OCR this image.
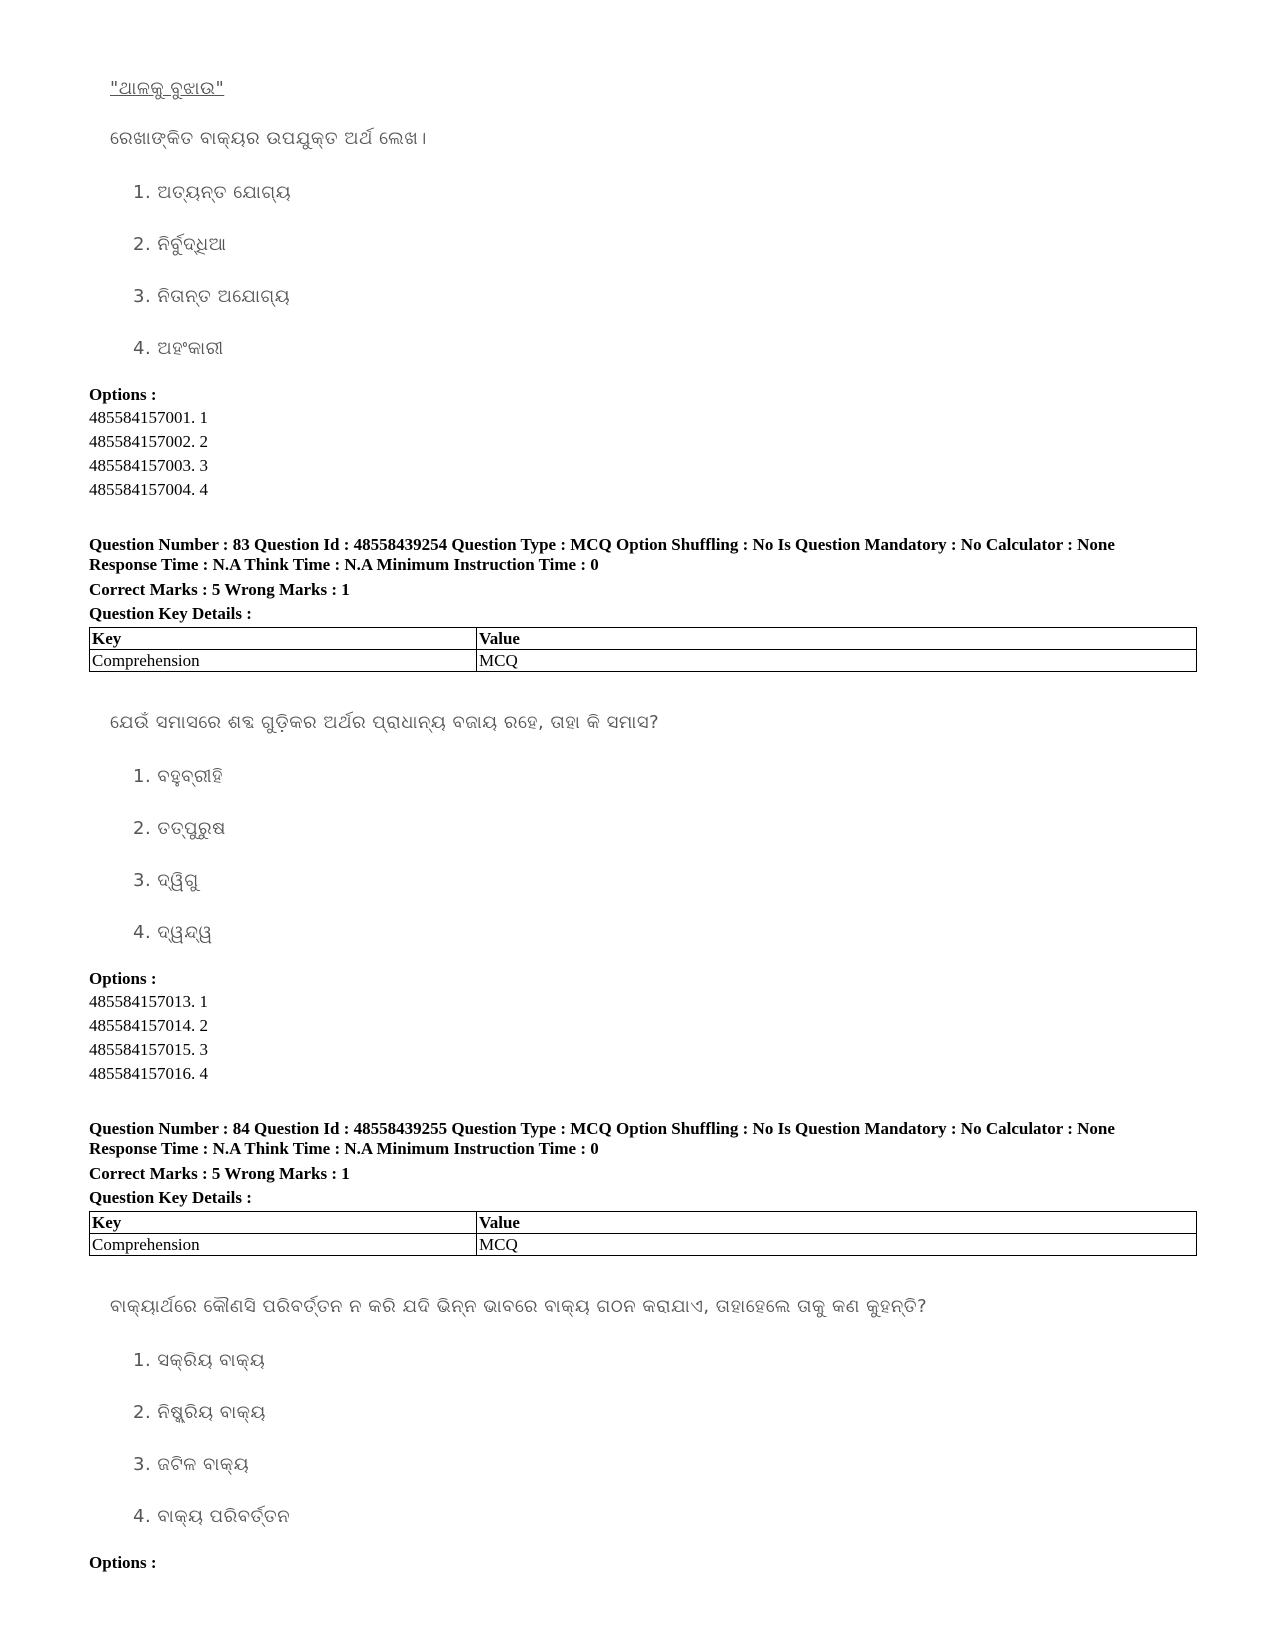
"ଥାଳକୁ ବୁଝାଉ"
ରେଖାଙ୍କିତ ବାକ୍ୟର ଉପଯୁକ୍ତ ଅର୍ଥ ଲେଖ।
1. ଅତ୍ୟନ୍ତ ଯୋଗ୍ୟ
2. ନିର୍ବୁଦ୍ଧିଆ
3. ନିତାନ୍ତ ଅଯୋଗ୍ୟ
4. ଅହଂକାରୀ
Options :
485584157001. 1
485584157002. 2
485584157003. 3
485584157004. 4
Question Number : 83 Question Id : 48558439254 Question Type : MCQ Option Shuffling : No Is Question Mandatory : No Calculator : None
Response Time : N.A Think Time : N.A Minimum Instruction Time : 0
Correct Marks : 5 Wrong Marks : 1
Question Key Details :
Key	Value
Comprehension	MCQ
ଯେଉଁ ସମାସରେ ଶବ୍ଦ ଗୁଡ଼ିକର ଅର୍ଥର ପ୍ରାଧାନ୍ୟ ବଜାୟ ରହେ, ତାହା କି ସମାସ?
1. ବହୁବ୍ରୀହି
2. ତତ୍ପୁରୁଷ
3. ଦ୍ୱିଗୁ
4. ଦ୍ୱନ୍ଦ୍ୱ
Options :
485584157013. 1
485584157014. 2
485584157015. 3
485584157016. 4
Question Number : 84 Question Id : 48558439255 Question Type : MCQ Option Shuffling : No Is Question Mandatory : No Calculator : None
Response Time : N.A Think Time : N.A Minimum Instruction Time : 0
Correct Marks : 5 Wrong Marks : 1
Question Key Details :
Key	Value
Comprehension	MCQ
ବାକ୍ୟାର୍ଥରେ କୌଣସି ପରିବର୍ତ୍ତନ ନ କରି ଯଦି ଭିନ୍ନ ଭାବରେ ବାକ୍ୟ ଗଠନ କରାଯାଏ, ତାହାହେଲେ ତାକୁ କଣ କୁହନ୍ତି?
1. ସକ୍ରିୟ ବାକ୍ୟ
2. ନିଷ୍କ୍ରିୟ ବାକ୍ୟ
3. ଜଟିଳ ବାକ୍ୟ
4. ବାକ୍ୟ ପରିବର୍ତ୍ତନ
Options :
